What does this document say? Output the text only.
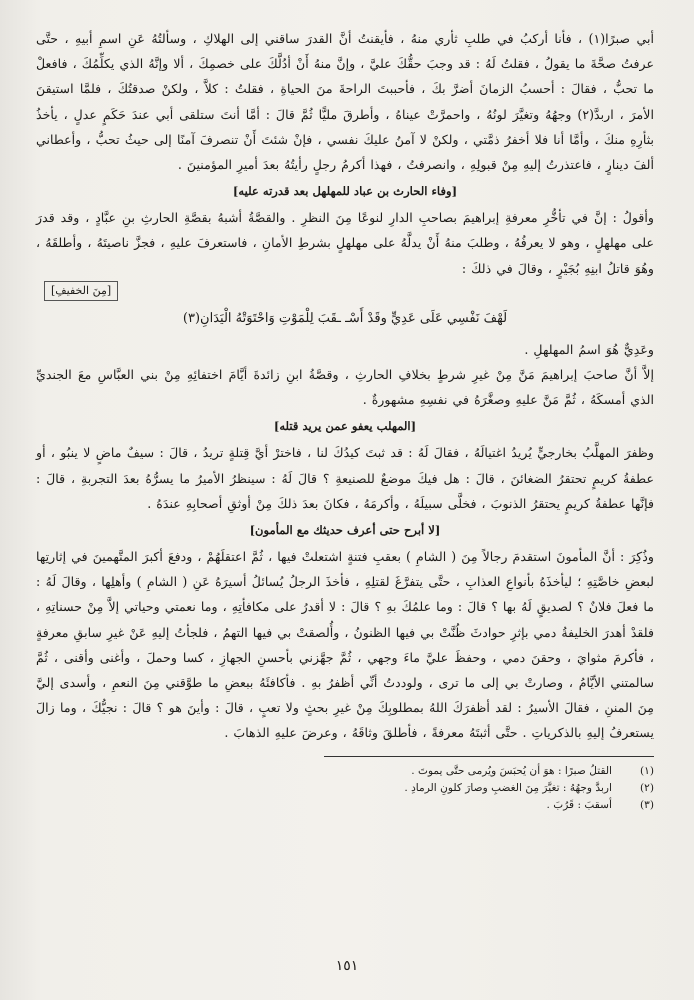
أبي صبرًا(١) ، فأنا أركبُ في طلبِ ثأري منهُ ، فأيقنتُ أنَّ القدرَ ساقني إلى الهلاكِ ، وسألتُهُ عَنِ اسمِ أبيهِ ، حتَّى عرفتُ صحَّةَ ما يقولُ ، فقلتُ لَهُ : قد وجبَ حقُّكَ عليَّ ، وإنَّ منهُ أَنْ أدُلَّكَ على خصمِكَ ، ألا وإنَّهُ الذي يكلِّمُكَ ، فافعلْ ما تحبُّ ، فقالَ : أحسبُ الزمانَ أضرَّ بكَ ، فأحببتَ الراحةَ منَ الحياةِ ، فقلتُ : كلاَّ ، ولكنْ صدقتُكَ ، فلمَّا استيقنَ الأمرَ ، اربدَّ(٢) وجهُهُ وتغيَّرَ لونُهُ ، واحمرَّتْ عيناهُ ، وأطرقَ مليًّا ثُمَّ قالَ : أمَّا أنتَ ستلقى أبي عندَ حَكَمٍ عدلٍ ، يأخذُ بثأرِهِ منكَ ، وأمَّا أنا فلا أخفرُ ذمَّتي ، ولكنْ لا آمنُ عليكَ نفسي ، فإنْ شئتَ أَنْ تنصرفَ آمنًا إلى حيثُ تحبُّ ، وأعطاني ألفَ دينارٍ ، فاعتذرتُ إليهِ مِنْ قبولِهِ ، وانصرفتُ ، فهذا أكرمُ رجلٍ رأيتُهُ بعدَ أميرِ المؤمنينَ .

[وفاء الحارث بن عباد للمهلهل بعد قدرته عليه]

وأقولُ : إنَّ في تأخُّرِ معرفةِ إبراهيمَ بصاحبِ الدارِ لنوعًا مِنَ النظرِ . والقصَّةُ أشبهُ بقصَّةِ الحارثِ بنِ عبَّادٍ ، وقد قدرَ على مهلهلٍ ، وهو لا يعرفُهُ ، وطلبَ منهُ أَنْ يدلَّهُ على مهلهلٍ بشرطِ الأمانِ ، فاستعرفَ عليهِ ، فجزَّ ناصيتَهُ ، وأطلقَهُ ، وهُوَ قاتلُ ابنِهِ بُجَيْرٍ ، وقالَ في ذلكَ :

[مِنَ الخفيفِ]
لَهْفَ نَفْسِي عَلَى عَدِيٍّ وقَدْ أَسْـ ـقَبَ لِلْمَوْتِ وَاحْتَوَتْهُ الْيَدَانِ(٣)

وعَدِيٌّ هُوَ اسمُ المهلهلِ .

إلاَّ أنَّ صاحبَ إبراهيمَ مَنَّ مِنْ غيرِ شرطٍ بخلافِ الحارثِ ، وقصَّةُ ابنِ زائدةَ أيَّامَ اختفائِهِ مِنْ بني العبَّاسِ معَ الجنديِّ الذي أمسكَهُ ، ثُمَّ مَنَّ عليهِ وصغَّرَهُ في نفسِهِ مشهورةٌ .

[المهلب يعفو عمن يريد قتله]

وظفرَ المهلَّبُ بخارجيٍّ يُريدُ اغتيالَهُ ، فقالَ لَهُ : قد ثبتَ كيدُكَ لنا ، فاخترْ أيَّ قِتلةٍ تريدُ ، قالَ : سيفٌ ماضٍ لا ينبُو ، أو عطفةُ كريمٍ تحتقرُ الضغائنَ ، قالَ : هل فيكَ موضعٌ للصنيعةِ ؟ قالَ لَهُ : سينظرُ الأميرُ ما يسرُّهُ بعدَ التجربةِ ، قالَ : فإنَّها عطفةُ كريمٍ يحتقرُ الذنوبَ ، فخلَّى سبيلَهُ ، وأكرمَهُ ، فكانَ بعدَ ذلكَ مِنْ أوثقِ أصحابِهِ عندَهُ .

[لا أبرح حتى أعرف حديثك مع المأمون]

وذُكِرَ : أنَّ المأمونَ استقدمَ رجالاً مِنَ ( الشامِ ) بعقبِ فتنةٍ اشتعلتْ فيها ، ثُمَّ اعتقلَهُمْ ، ودفعَ أكبرَ المتَّهمينَ في إثارتِها لبعضِ خاصَّتِهِ ؛ ليأخذَهُ بأنواعِ العذابِ ، حتَّى يتفرَّغَ لقتلِهِ ، فأخذَ الرجلُ يُسائلُ أسيرَهُ عَنِ ( الشامِ ) وأهلِها ، وقالَ لَهُ : ما فعلَ فلانٌ ؟ لصديقٍ لَهُ بها ؟ قالَ : وما علمُكَ بهِ ؟ قالَ : لا أقدرُ على مكافأتِهِ ، وما نعمتي وحياتي إلاَّ مِنْ حسناتِهِ ، فلقدْ أهدرَ الخليفةُ دمي بإثرِ حوادثَ ظُنَّتْ بي فيها الظنونُ ، وأُلصقتْ بي فيها التهمُ ، فلجأتُ إليهِ عَنْ غيرِ سابقِ معرفةٍ ، فأكرمَ مثوايَ ، وحقنَ دمي ، وحفظَ عليَّ ماءَ وجهي ، ثُمَّ جهَّزني بأحسنِ الجهازِ ، كسا وحملَ ، وأغنى وأقنى ، ثُمَّ سالمتني الأيَّامُ ، وصارتْ بي إلى ما ترى ، ولوددتُ أنِّي أظفرُ بهِ . فأكافئَهُ ببعضِ ما طوَّقني مِنَ النعمِ ، وأسدى إليَّ مِنَ المننِ ، فقالَ الأسيرُ : لقد أظفرَكَ اللهُ بمطلوبِكَ مِنْ غيرِ بحثٍ ولا تعبٍ ، قالَ : وأينَ هو ؟ قالَ : نجيُّكَ ، وما زالَ يستعرفُ إليهِ بالذكرياتِ . حتَّى أثبتَهُ معرفةً ، فأطلقَ وثاقَهُ ، وعرضَ عليهِ الذهابَ .

(١)
القتلُ صبرًا : هوَ أن يُحبَسَ ويُرمى حتَّى يموتَ .
(٢)
اربدَّ وجهُهُ : تغيَّرَ مِنَ الغضبِ وصارَ كلونِ الرمادِ .
(٣)
أسقبَ : قَرُبَ .
١٥١
